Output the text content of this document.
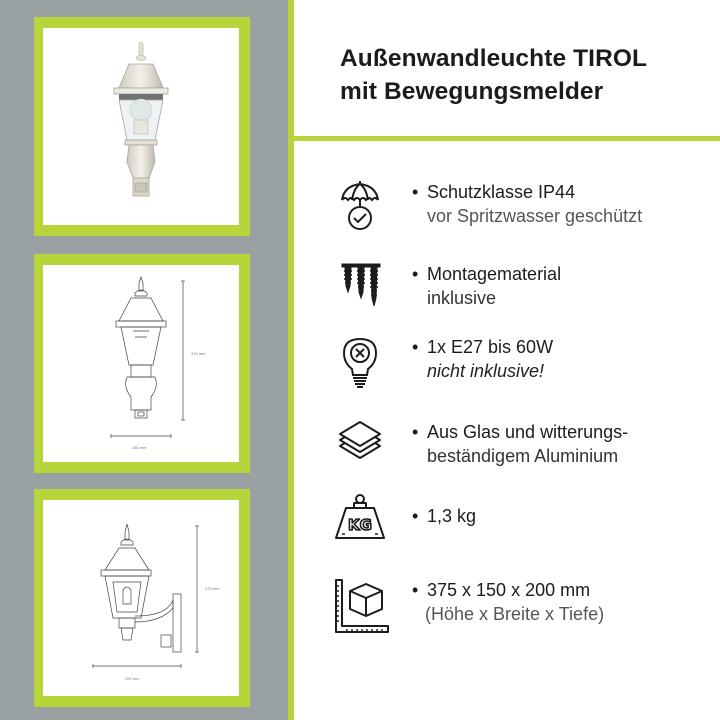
375 mm
150 mm
375 mm
200 mm
Außenwandleuchte TIROL
mit Bewegungsmelder
• Schutzklasse IP44
vor Spritzwasser geschützt
• Montagematerial
inklusive
• 1x E27 bis 60W
nicht inklusive!
• Aus Glas und witterungs-
beständigem Aluminium
KG • 1,3 kg
• 375 x 150 x 200 mm
(Höhe x Breite x Tiefe)
